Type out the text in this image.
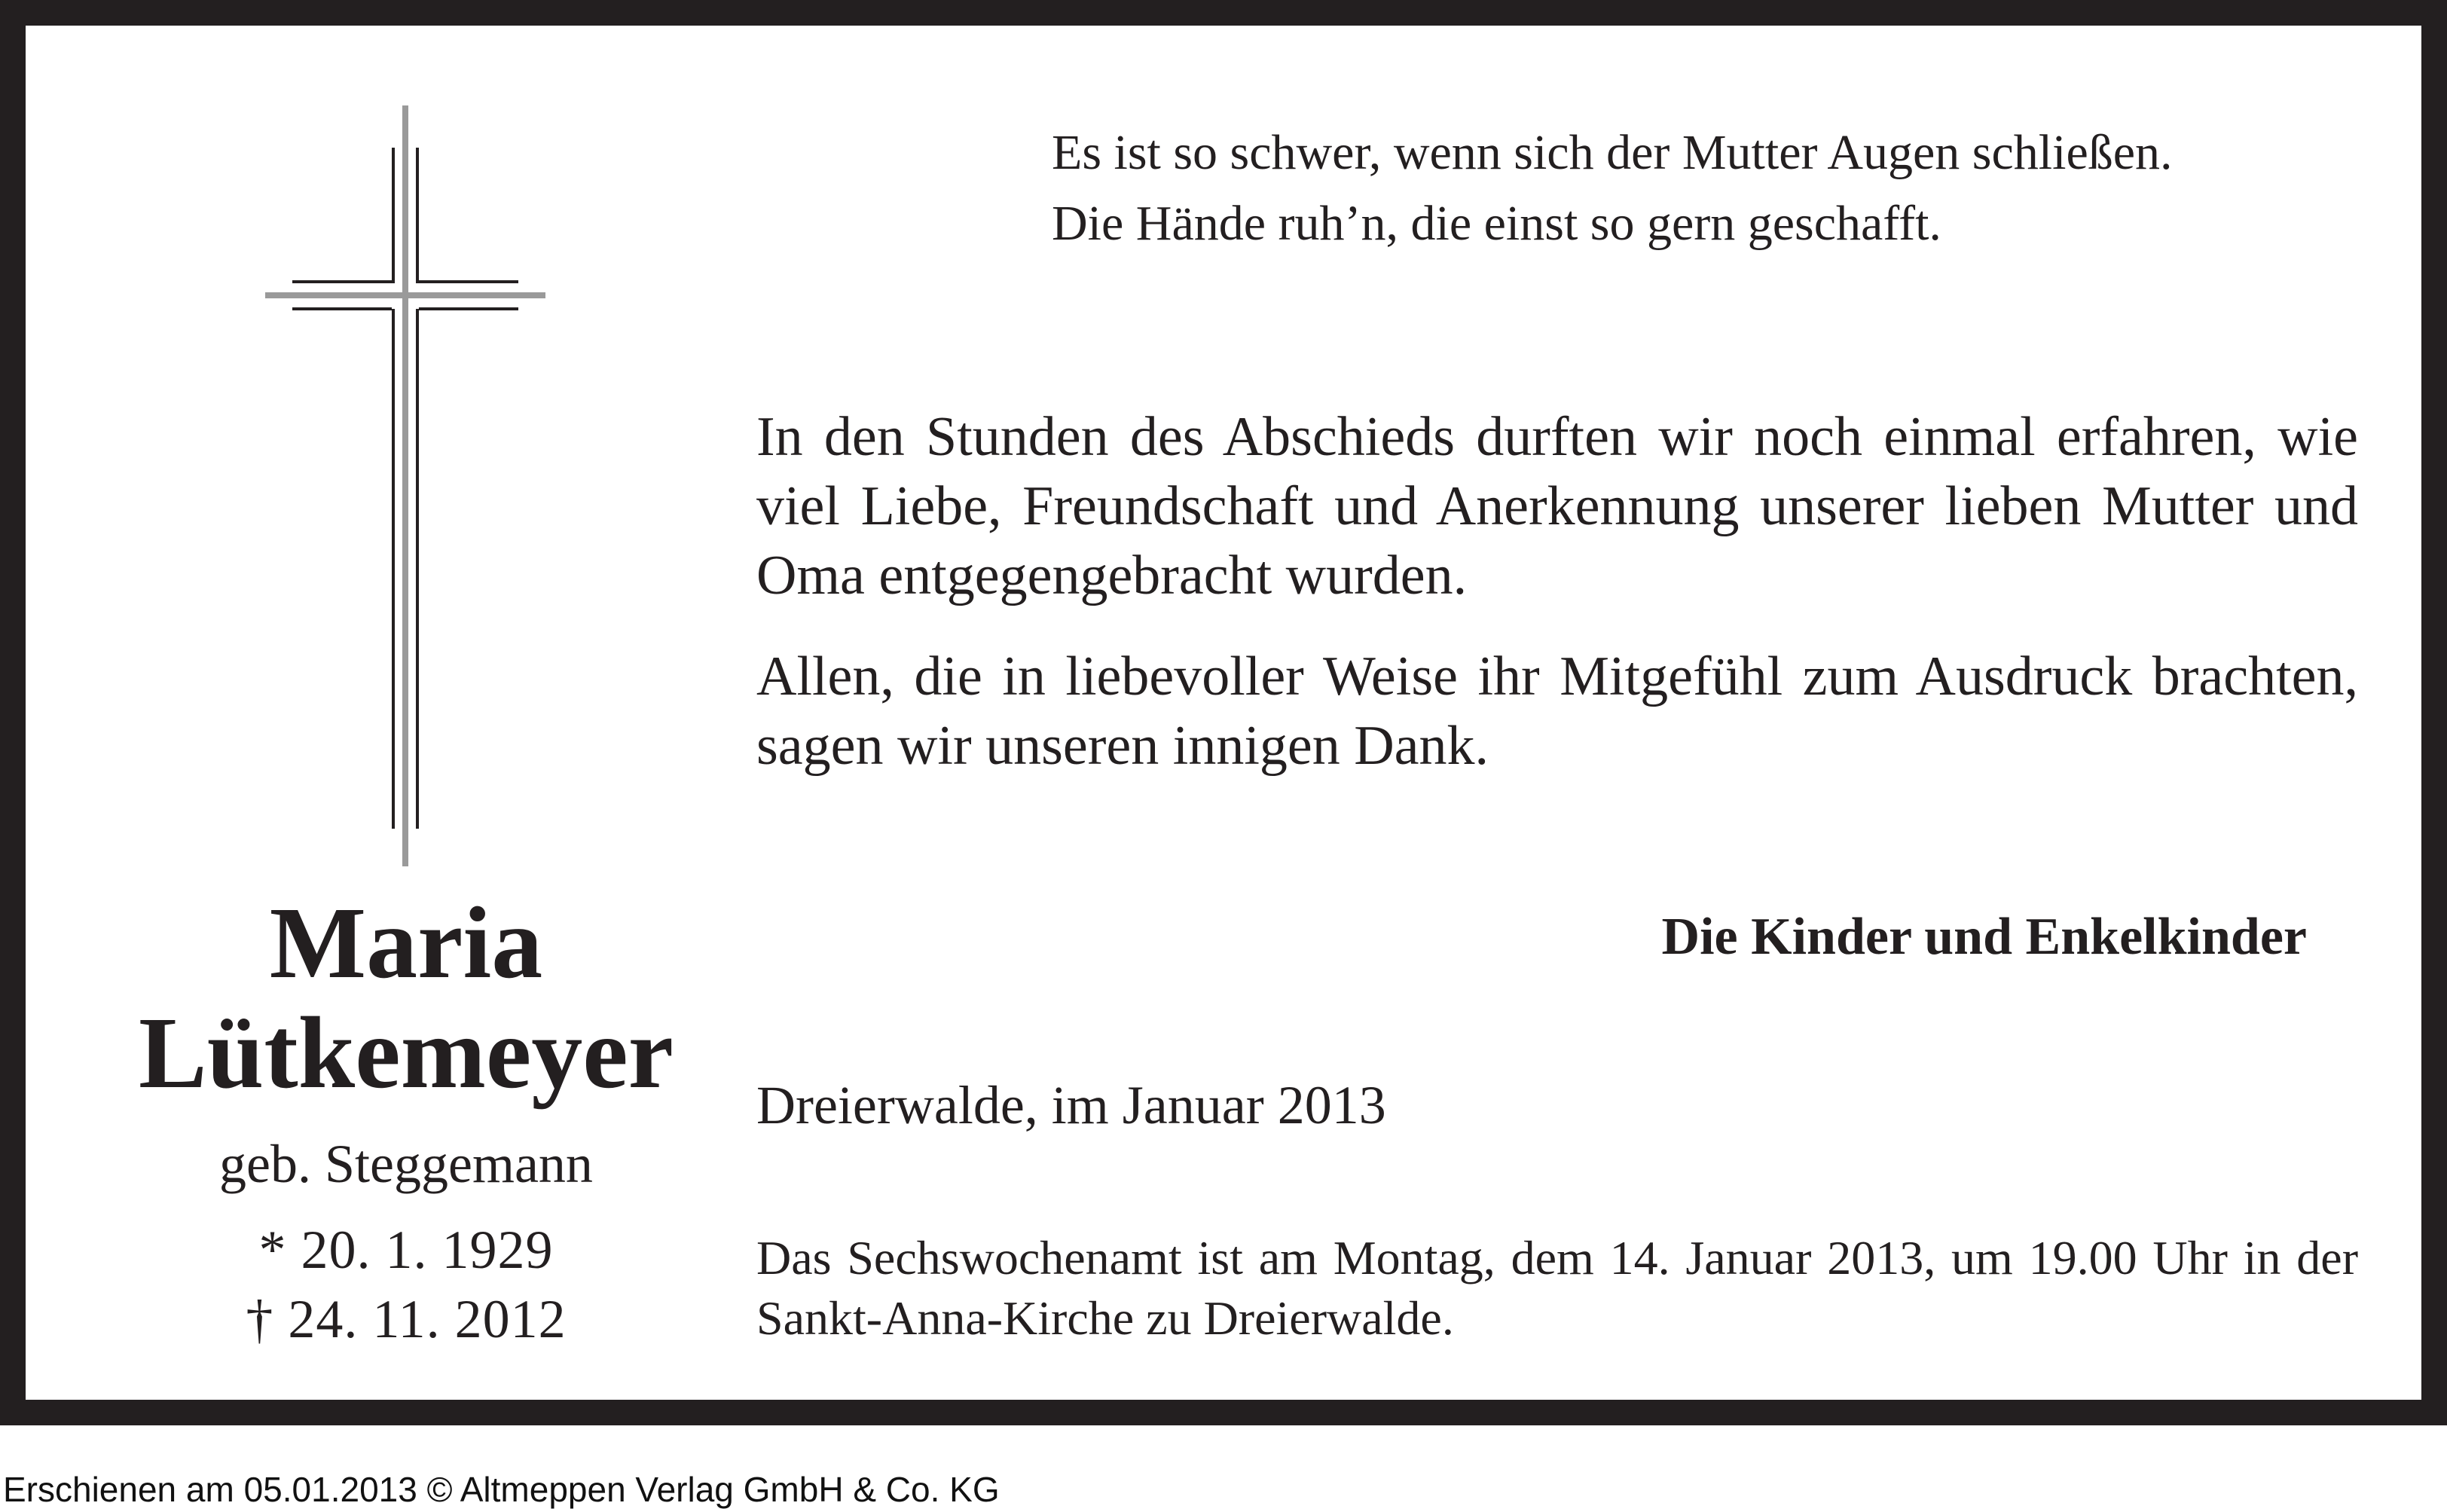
Maria
Lütkemeyer
geb. Steggemann
* 20. 1. 1929
† 24. 11. 2012
Es ist so schwer, wenn sich der Mutter Augen schließen.
Die Hände ruh’n, die einst so gern geschafft.
In den Stunden des Abschieds durften wir noch einmal erfahren, wie viel Liebe, Freundschaft und Anerkennung unserer lieben Mutter und Oma entgegengebracht wurden.
Allen, die in liebevoller Weise ihr Mitgefühl zum Ausdruck brachten, sagen wir unseren innigen Dank.
Die Kinder und Enkelkinder
Dreierwalde, im Januar 2013
Das Sechswochenamt ist am Montag, dem 14. Januar 2013, um 19.00 Uhr in der Sankt-Anna-Kirche zu Dreierwalde.
Erschienen am 05.01.2013 © Altmeppen Verlag GmbH & Co. KG
